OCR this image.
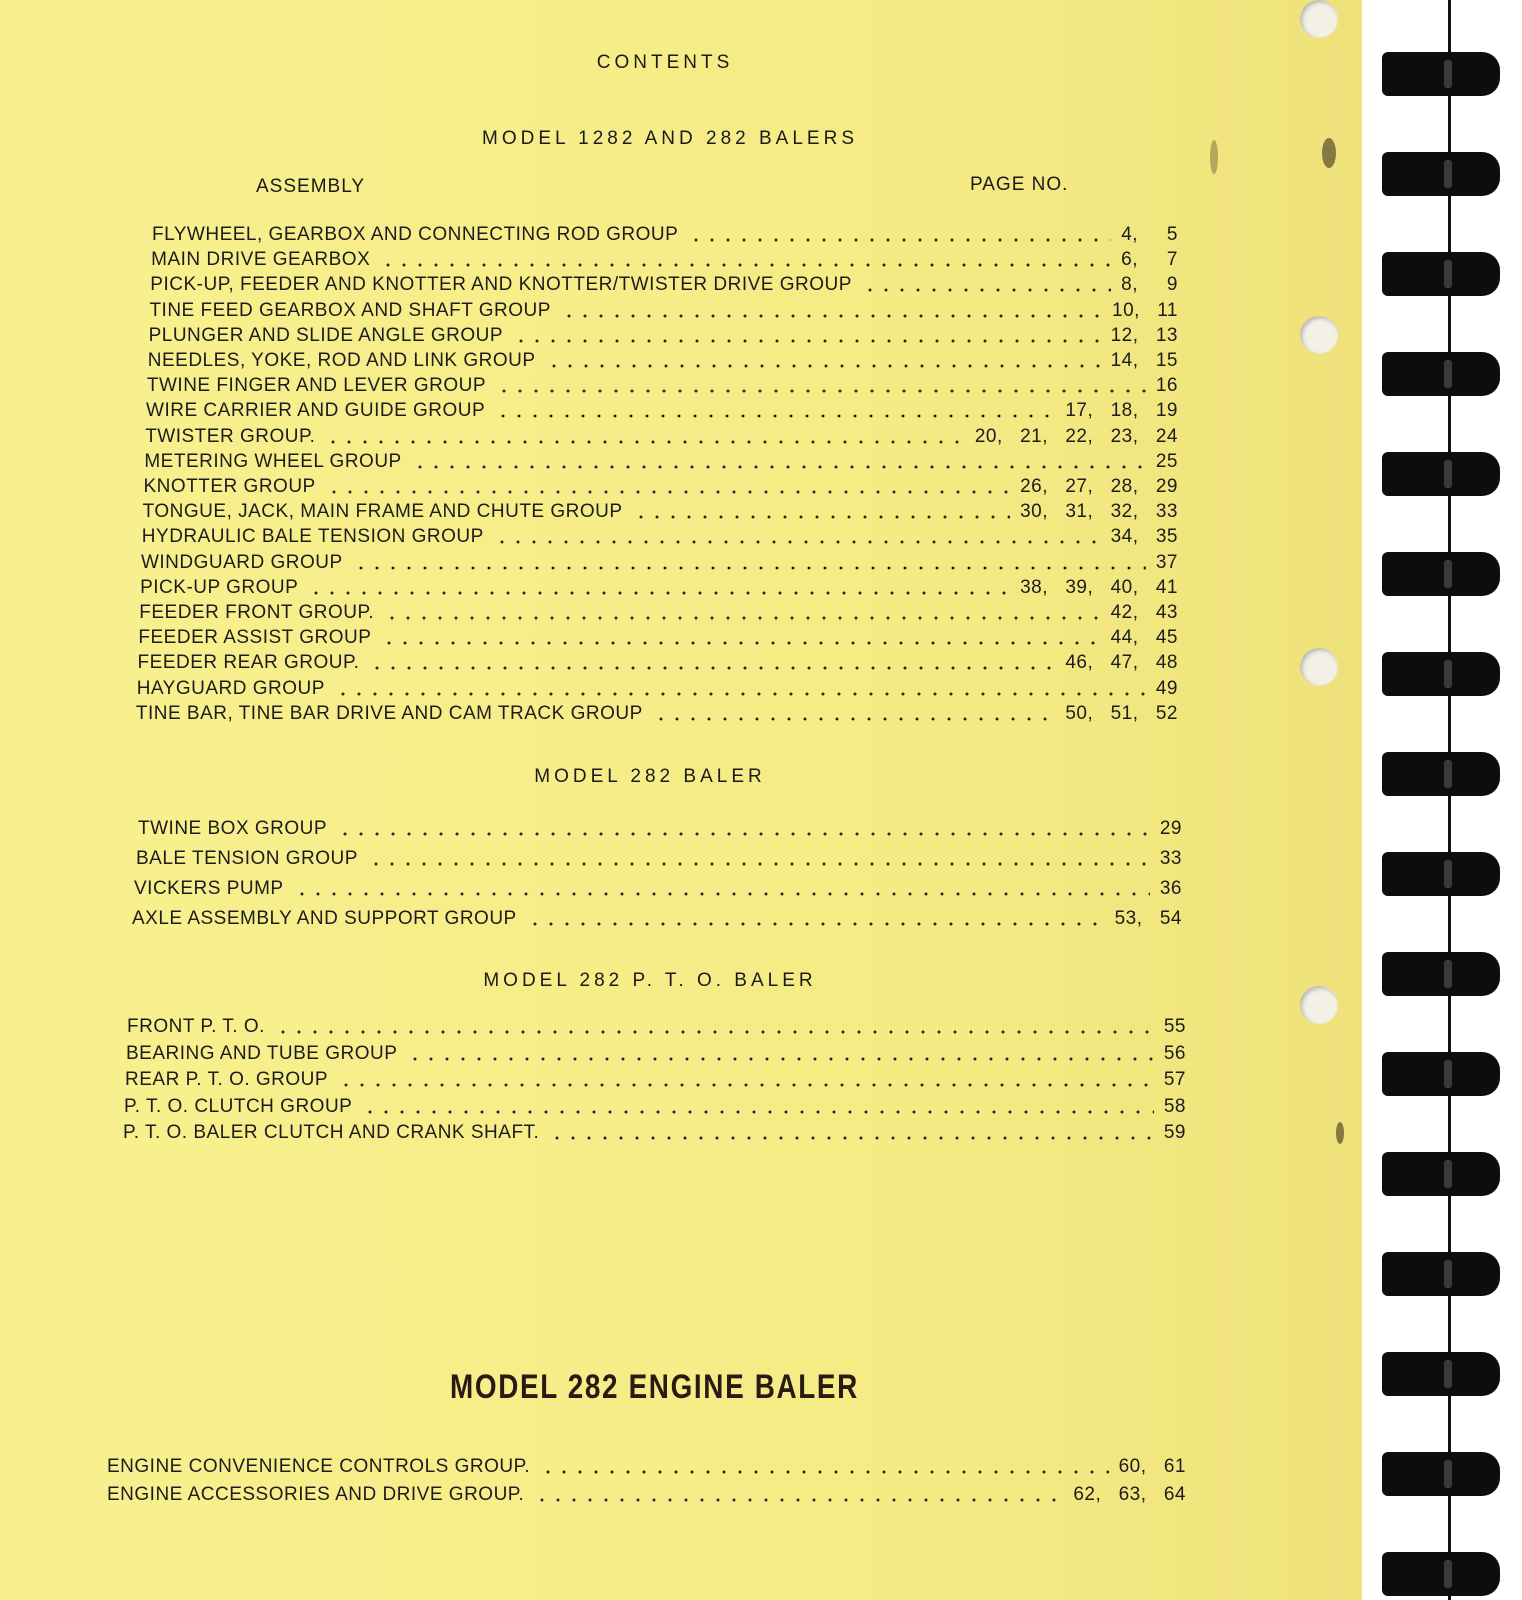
CONTENTS
MODEL 1282 AND 282 BALERS
ASSEMBLY	PAGE NO.
FLYWHEEL, GEARBOX AND CONNECTING ROD GROUP	4,     5
MAIN DRIVE GEARBOX	6,     7
PICK-UP, FEEDER AND KNOTTER AND KNOTTER/TWISTER DRIVE GROUP	8,     9
TINE FEED GEARBOX AND SHAFT GROUP	10,   11
PLUNGER AND SLIDE ANGLE GROUP	12,   13
NEEDLES, YOKE, ROD AND LINK GROUP	14,   15
TWINE FINGER AND LEVER GROUP	16
WIRE CARRIER AND GUIDE GROUP	17,   18,   19
TWISTER GROUP.	20,   21,   22,   23,   24
METERING WHEEL GROUP	25
KNOTTER GROUP	26,   27,   28,   29
TONGUE, JACK, MAIN FRAME AND CHUTE GROUP	30,   31,   32,   33
HYDRAULIC BALE TENSION GROUP	34,   35
WINDGUARD GROUP	37
PICK-UP GROUP	38,   39,   40,   41
FEEDER FRONT GROUP.	42,   43
FEEDER ASSIST GROUP	44,   45
FEEDER REAR GROUP.	46,   47,   48
HAYGUARD GROUP	49
TINE BAR, TINE BAR DRIVE AND CAM TRACK GROUP	50,   51,   52
MODEL 282 BALER
TWINE BOX GROUP	29
BALE TENSION GROUP	33
VICKERS PUMP	36
AXLE ASSEMBLY AND SUPPORT GROUP	53,   54
MODEL 282 P. T. O. BALER
FRONT P. T. O.	55
BEARING AND TUBE GROUP	56
REAR P. T. O. GROUP	57
P. T. O. CLUTCH GROUP	58
P. T. O. BALER CLUTCH AND CRANK SHAFT.	59
MODEL 282 ENGINE BALER
ENGINE CONVENIENCE CONTROLS GROUP.	60,   61
ENGINE ACCESSORIES AND DRIVE GROUP.	62,   63,   64
